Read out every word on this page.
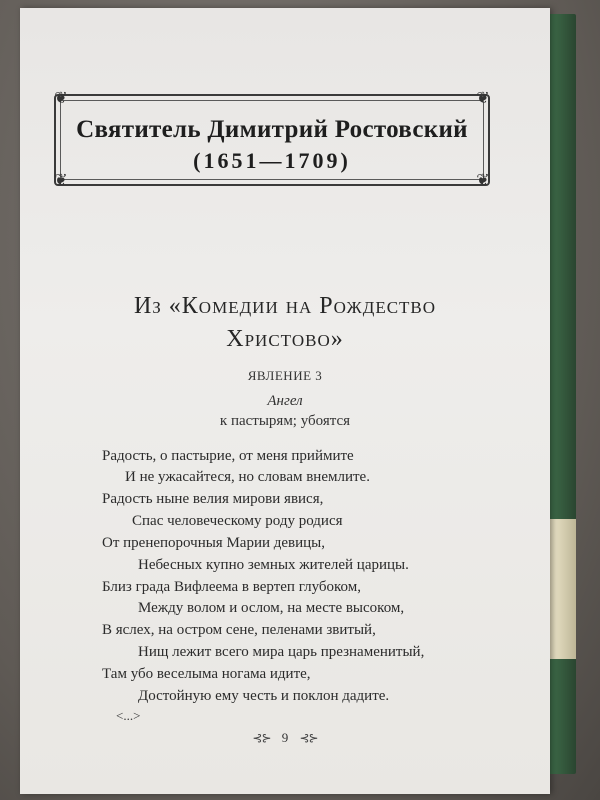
❦	❦
❦	❦
Святитель Димитрий Ростовский
(1651—1709)
Из «Комедии на Рождество
Христово»
ЯВЛЕНИЕ 3
Ангел
к пастырям; убоятся
Радость, о пастырие, от меня приймите
И не ужасайтеся, но словам внемлите.
Радость ныне велия мирови явися,
Спас человеческому роду родися
От пренепорочныя Марии девицы,
Небесных купно земных жителей царицы.
Близ града Вифлеема в вертеп глубоком,
Между волом и ослом, на месте высоком,
В яслех, на остром сене, пеленами звитый,
Нищ лежит всего мира царь презнаменитый,
Там убо веселыма ногама идите,
Достойную ему честь и поклон дадите.
<...>
⊰⊱ 9 ⊰⊱
